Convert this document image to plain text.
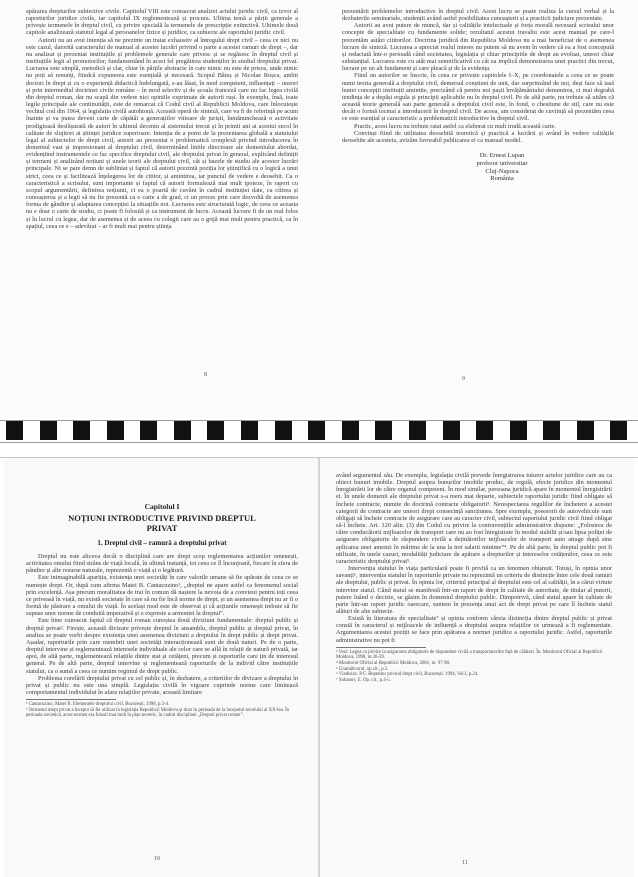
apărarea drepturilor subiective civile. Capitolul VIII este consacrat analizei actului juridic civil, ca izvor al raporturilor juridice civile, iar capitolul IX reglementează și procura. Ultima temă a părții generale a privește termenele în dreptul civil, cu privire specială la termenele de prescripție extinctivă. Ultimele două capitole analizează statutul legal al persoanelor fizice și juridice, ca subiecte ale raportului juridic civil.

Autorii nu au avut intenția să ne prezinte un tratat exhaustiv al întregului drept civil – ceea ce nici nu este cazul, datorită caracterului de manual al acestei lucrări privind o parte a acestei ramuri de drept –, dar nu analizat și prezentat instituțiile și problemele generale care privesc și se regăsesc în dreptul civil și instituțiile legii al promotorilor, fundamentând în acest fel pregătirea studenților în studiul dreptului privat. Lucrarea este simplă, metodică și clar, chiar în părțile abstracte în care nimic nu este de prisos, unde nimic nu poți să renunți, fiindcă expunerea este esențială și necesară. Scopul Băieș și Nicolae Roșca, ambii doctori în drept și cu o experiență didactică îndelungată, s-au lăsat, în mod competent, influențați – uneori și prin intermediul doctrinei civile române – în mod selectiv și de școala franceză care nu fac legea civilă din dreptul roman, dar nu scapă din vedere nici opiniile exprimate de autorii ruși. În exemplu, însă, toate legile principale ale continuității, este de remarcat că Codul civil al Republicii Moldova, care înlocuiește vechiul cod din 1964, și legislația civilă autohtonă. Această operă de sinteză, care va fi de referință pe acum înainte și va putea deveni carte de căpătâi a generațiilor viitoare de juriști, înmănunchează o activitate prodigioasă desfășurată de autori în ultimul deceniu al sistemului trecut și în primii ani ai acestui secol în calitate de slujitori ai științei juridice superioare. Intenția de a porni de la prezentarea globală a statutului legal al subiectelor de drept civil, autorii au prezentat o problematică complexă privind introducerea în domeniul vast și impresionant al dreptului civil, determinând liniile directoare ale domeniului abordat, evidențiind instrumentele ce fac specifice dreptului civil, ale dreptului privat în general, explicând definiții și termeni și analizând noțiuni și unele teorii ale dreptului civil, cât și bazele de studiu ale acestor lucrări principale. Ni se pare demn de subliniat și faptul că autorii prezintă poziția lor științifică cu o logică a unui strict, ceea ce și facilitează înțelegerea lor de cititor, și amintirea, iar punctul de vedere e deosebit. Ca o caracteristică a scrisului, sunt importante și faptul că autorii formulează mai mult ipoteze, în raport cu scopul argumentării, definirea noțiunii, ci ea o poartă de cuvânt în cadrul instituției date, ca citirea și cunoașterea și a legii să nu fie prezentă ca o carte a de grad, ci un proces prin care dezvoltă de asemenea forma de gândire și adaptarea concepției la situațiile noi. Lucrarea este structurată logic, de ceea ce aceasta nu e doar o carte de studiu, ci poate fi folosită și ca instrument de lucru. Această lucrare fi de un real folos și în lucrul cu legea, dar de asemenea și de aceea cu colegii care au o grijă mai mult pentru practică, ca în spațiul, ceea ce e – adevărat – ar fi mult mai pentru știința

8

prezentării problemelor introductive în dreptul civil. Acest lucru se poate realiza la cursul verbal și la dezbaterile seminariale, studenții având astfel posibilitatea cunoașterii și a practicii judiciare prezentate.

Autorii au avut putere de muncă, dar și calitățile intelectuale și forța morală necesară scrisului unor concepte de specialitate cu fundamente solide; rezultatul acestui travaliu este acest manual pe care-l prezentăm astăzi cititorilor. Doctrina juridică din Republica Moldova nu a mai beneficiat de o asemenea lucrare de sinteză. Lucrarea a apreciat realul interes nu putem să nu avem în vedere că ea a fost concepută și redactată într-o perioadă când societatea, legislația și chiar principiile de drept au evoluat, uneori chiar substanțial. Lucrarea este cu atât mai semnificativă cu cât ea implică demonstrarea unei practici din trecut, lucrare pe un alt fundament și care pleacă și de la evidența.

Fiind un autorilor se înscrie, în ceea ce privește capitolele I–X, pe coordonatele a ceea ce se poate numi teoria generală a dreptului civil, demersul conștient de unit, dar surprinzând de noi, deși face să iasă bunei concepții instituții amintite, precizând că pentru noi pașii învățământului denumirea, ci mai degrabă tendința de a depăși regula și principii aplicabile nu în dreptul civil. Pe de altă parte, nu trebuie să uităm că această teorie generală sau parte generală a dreptului civil este, în fond, o chestiune de stil, care nu este decât o formă tocmai a introducerii în dreptul civil. De aceea, am considerat de cuviință să prezentăm ceea ce este esențial și caracteristic a problematicii introductive în dreptul civil.

Practic, acest lucru nu trebuie ratat astfel ca elaborat cu mult trudă această carte.

Convinși fiind de utilitatea deosebită teoretică și practică a lucrării și având în vedere calitățile deosebite ale acesteia, avizăm favorabil publicarea ei ca manual model.

Dr. Ernest Lupan
profesor universitar
Cluj-Napoca
România
9
Capitolul I
NOȚIUNI INTRODUCTIVE PRIVIND DREPTUL PRIVAT
1. Dreptul civil – ramură a dreptului privat

Dreptul nu este altceva decât o disciplină care are drept scop reglementarea acțiunilor omenești, activitatea omului fiind strâns de viață locală, în ultimă instanță, tot ceea ce îl încunjoară, fiecare în sfera de pândire și alte resurse naturale, reprezentă o viață și o legătură.

Este inimaginabilă apariția, existența unei societăți în care valorile umane să fie apărate de ceea ce se numește drept. Or, după cum afirma Matei B. Cantacuzino¹, „dreptul ne apare astfel ca fenomenul social prin excelență. Așa precum moralitatea de trai în comun dă naștere la nevoia de a convieui pentru toți ceea ce priveasă în viață, nu există societate în care să nu fie încă norme de drept, și un asemenea drept nu ar fi o formă de păstrare a omului de viață. În același mod este de observat și că acțiunile omenești trebuie să fie supuse unor norme de conduită imperativă și o expresie a armoniei la dreptul”.

Este bine cunoscut faptul că dreptul roman cunoștea două diviziuni fundamentale: dreptul public și dreptul privat². Firește, această divizare privește dreptul în ansamblu, dreptul public și dreptul privat, în analiza se poate vorbi despre existența unei asemenea diviziuni a dreptului în drept public și drept privat. Așadar, raporturile prin care membrii unei societăți interacționează sunt de două naturi. Pe de o parte, dreptul intervine și reglementează interesele individuale ale celor care se află în relații de natură privată, iar apoi, de altă parte, reglementează relațiile dintre stat și cetățeni, precum și raporturile care țin de interesul general. Pe de altă parte, dreptul intervine și reglementează raporturile de la individ către instituțiile statului, ca o sumă a ceea ce numim regimul de drept public.

Problema corelării dreptului privat cu cel public și, în dezbatere, a criteriilor de divizare a dreptului în privat și public nu este una simplă. Legislația civilă în vigoare cuprinde norme care limitează comportamentul individului în afara relațiilor private, această limitare

¹ Cantacuzino, Matei B. Elementele dreptului civil. București, 1998, p.3-4.
² Termenul drept privat a început să fie utilizat în legislația Republicii Moldova și doar în perioada de la începutul secolului al XX-lea. În perioada sovietică, acest termen era folosit mai mult în plan teoretic, în cadrul disciplinei „Dreptul privat roman”.
10

având argumentul său. De exemplu, legislația civilă prevede înregistrarea tuturor actelor juridice care au ca obiect bunuri imobile. Dreptul asupra bunurilor imobile produc, de regulă, efecte juridice din momentul înregistrării lor de către organul competent. În mod similar, persoana juridică apare în momentul înregistrării ei. În unele domenii ale dreptului privat s-a mers mai departe, subiectele raportului juridic fiind obligate să încheie contracte, numite de doctrină contracte obligatorii³. Nerespectarea regulilor de încheiere a acestei categorii de contracte are uneori drept consecință sancțiunea. Spre exemplu, posesorii de autovehicule sunt obligați să încheie contracte de asigurare care au caracter civil, subiectul raportului juridic civil fiind obligat să-l încheie. Art. 120 alin. (3) din Codul cu privire la contravențiile administrative dispune: „Folosirea de către conducătorii mijloacelor de transport care nu au fost înregistrate în modul stabilit și/sau lipsa poliței de asigurare obligatorie de răspundere civilă a deținătorilor mijloacelor de transport auto atrage după sine aplicarea unei amenzi în mărime de la una la trei salarii minime”⁴. Pe de altă parte, în dreptul public pot fi utilizate, în unele cazuri, modalități judiciare de apărare a drepturilor și intereselor cetățenilor, ceea ce este caracteristic dreptului privat⁵.

Intervenția statului în viața particulară poate fi privită ca un fenomen obișnuit. Totuși, în opinia unor savanți⁶, intervenția statului în raporturile private nu reprezintă un criteriu de distincție între cele două ramuri ale dreptului, public și privat. În opinia lor, criteriul principal al dreptului este cel al calității, în a cărui virtute intervine statul. Când statul se manifestă într-un raport de drept în calitate de autoritate, de titular al puterii, putere luând o decizie, se găsim în domeniul dreptului public. Dimpotrivă, când statul apare în calitate de parte într-un raport juridic oarecare, suntem în prezența unui act de drept privat pe care îl încheie statul alături de alte subiecte.

Există în literatura de specialitate⁷ și opinia conform căreia distincția dintre dreptul public și privat constă în caracterul și mijloacele de influență a dreptului asupra relațiilor ce urmează a fi reglementate. Argumentarea acestei poziții se face prin apărarea a normei juridice a raportului juridic. Astfel, raporturile administrative nu pot fi

³ Vezi: Legea cu privire la asigurarea obligatorie de răspundere civilă a transportatorilor față de călători. În: Monitorul Oficial al Republicii Moldova, 1998, nr.26-39.
⁴ Monitorul Oficial al Republicii Moldova, 2001, nr. 97-98.
⁵ Gramăticorul, op.cit., p.5.
⁶ Vladislav, P.C. Repetitor privind drept civil, București, 1994, Vol.I, p.24.
⁷ Suhanov, E. Op. cit., p.4-5.
11
